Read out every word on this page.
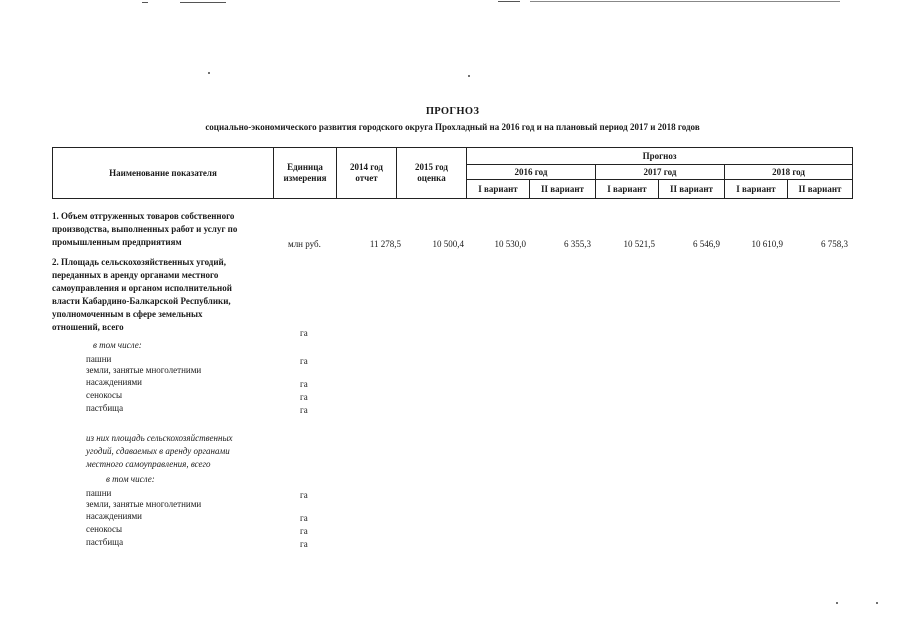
ПРОГНОЗ
социально-экономического развития городского округа Прохладный на 2016 год и на плановый период 2017 и 2018 годов
Наименование показателя	Единица измерения	2014 год отчет	2015 год оценка	Прогноз					
				2016 год		2017 год		2018 год	
				I вариант	II вариант	I вариант	II вариант	I вариант	II вариант
1. Объем отгруженных товаров собственного
производства, выполненных работ и услуг по
промышленным предприятиям	млн руб.	11 278,5	10 500,4	10 530,0	6 355,3	10 521,5	6 546,9	10 610,9	6 758,3
2. Площадь сельскохозяйственных угодий,
переданных в аренду органами местного
самоуправления и органом исполнительной
власти Кабардино-Балкарской Республики,
уполномоченным в сфере земельных
отношений, всего
га
в том числе:
пашни	га
земли, занятые многолетними
насаждениями	га
сенокосы	га
пастбища	га
из них площадь сельскохозяйственных
угодий, сдаваемых в аренду органами
местного самоуправления, всего
в том числе:
пашни	га
земли, занятые многолетними
насаждениями	га
сенокосы	га
пастбища	га
